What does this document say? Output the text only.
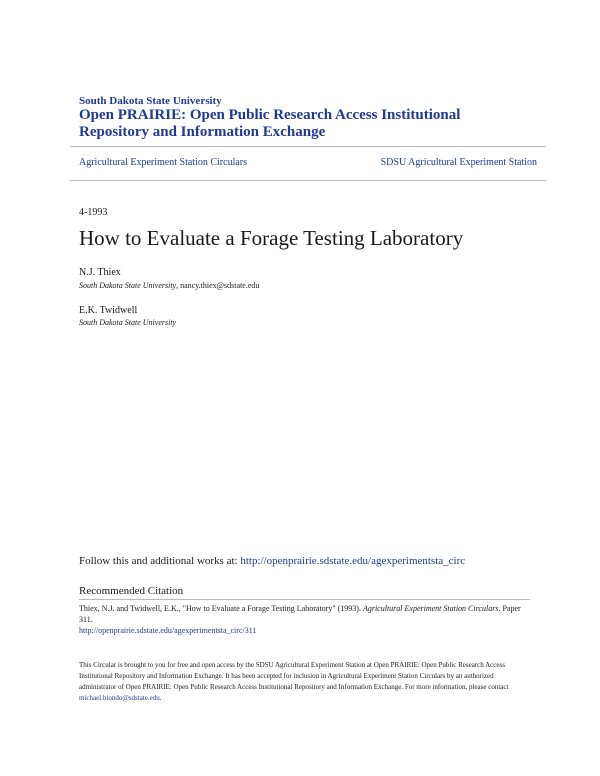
South Dakota State University
Open PRAIRIE: Open Public Research Access Institutional Repository and Information Exchange
Agricultural Experiment Station Circulars	SDSU Agricultural Experiment Station
4-1993
How to Evaluate a Forage Testing Laboratory
N.J. Thiex
South Dakota State University, nancy.thiex@sdstate.edu
E.K. Twidwell
South Dakota State University
Follow this and additional works at: http://openprairie.sdstate.edu/agexperimentsta_circ
Recommended Citation
Thiex, N.J. and Twidwell, E.K., "How to Evaluate a Forage Testing Laboratory" (1993). Agricultural Experiment Station Circulars. Paper 311.
http://openprairie.sdstate.edu/agexperimentsta_circ/311
This Circular is brought to you for free and open access by the SDSU Agricultural Experiment Station at Open PRAIRIE: Open Public Research Access Institutional Repository and Information Exchange. It has been accepted for inclusion in Agricultural Experiment Station Circulars by an authorized administrator of Open PRAIRIE: Open Public Research Access Institutional Repository and Information Exchange. For more information, please contact michael.biondo@sdstate.edu.
